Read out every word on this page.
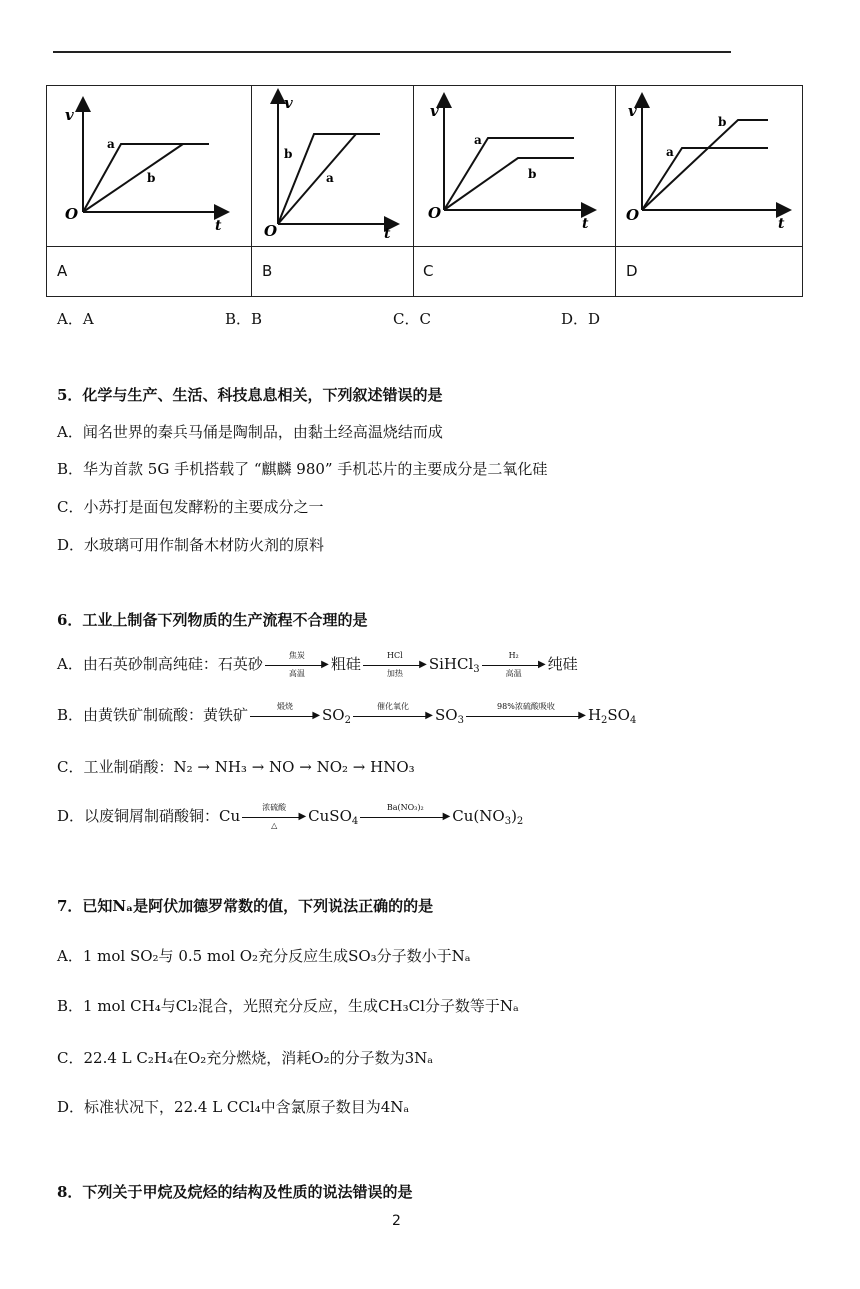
v
t
O
a
b
v
t
O
a
b
v
t
O
a
b
v
t
O
a
b
A	B	C	D
A．A	B．B	C．C	D．D
5．化学与生产、生活、科技息息相关，下列叙述错误的是
A．闻名世界的秦兵马俑是陶制品，由黏土经高温烧结而成
B．华为首款 5G 手机搭载了 “麒麟 980” 手机芯片的主要成分是二氧化硅
C．小苏打是面包发酵粉的主要成分之一
D．水玻璃可用作制备木材防火剂的原料
6．工业上制备下列物质的生产流程不合理的是
A．由石英砂制高纯硅：石英砂	焦炭
▶
高温
粗硅	HCl
▶
加热
SiHCl$_3$
H₂
▶
高温
纯硅
B．由黄铁矿制硫酸：黄铁矿	煅烧
▶ $SO_2$
催化氧化
▶ $SO_3$
98%浓硫酸吸收
▶ $H_2SO_4$
C．工业制硝酸：N₂ → NH₃ → NO → NO₂ → HNO₃
D．以废铜屑制硝酸铜：Cu	浓硫酸
▶
△
CuSO$_4$
Ba(NO₃)₂
▶ $Cu(NO_3)_2$
7．已知Nₐ是阿伏加德罗常数的值，下列说法正确的的是
A．1 mol SO₂与 0.5 mol O₂充分反应生成SO₃分子数小于Nₐ
B．1 mol CH₄与Cl₂混合，光照充分反应，生成CH₃Cl分子数等于Nₐ
C．22.4 L C₂H₄在O₂充分燃烧，消耗O₂的分子数为3Nₐ
D．标准状况下，22.4 L CCl₄中含氯原子数目为4Nₐ
8．下列关于甲烷及烷烃的结构及性质的说法错误的是
2
